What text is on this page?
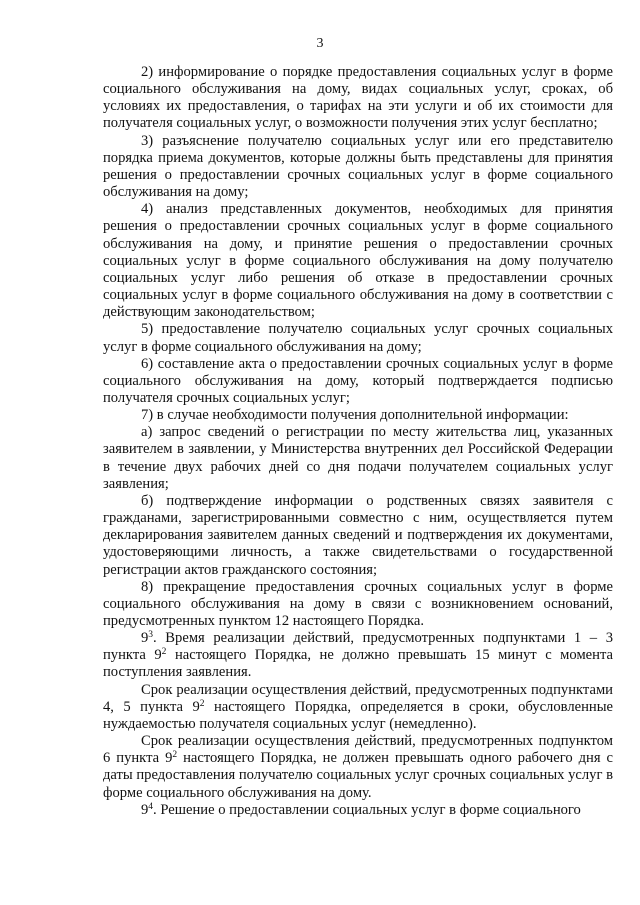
3

2) информирование о порядке предоставления социальных услуг в форме социального обслуживания на дому, видах социальных услуг, сроках, об условиях их предоставления, о тарифах на эти услуги и об их стоимости для получателя социальных услуг, о возможности получения этих услуг бесплатно;

3) разъяснение получателю социальных услуг или его представителю порядка приема документов, которые должны быть представлены для принятия решения о предоставлении срочных социальных услуг в форме социального обслуживания на дому;

4) анализ представленных документов, необходимых для принятия решения о предоставлении срочных социальных услуг в форме социального обслуживания на дому, и принятие решения о предоставлении срочных социальных услуг в форме социального обслуживания на дому получателю социальных услуг либо решения об отказе в предоставлении срочных социальных услуг в форме социального обслуживания на дому в соответствии с действующим законодательством;

5) предоставление получателю социальных услуг срочных социальных услуг в форме социального обслуживания на дому;

6) составление акта о предоставлении срочных социальных услуг в форме социального обслуживания на дому, который подтверждается подписью получателя срочных социальных услуг;

7) в случае необходимости получения дополнительной информации:

а) запрос сведений о регистрации по месту жительства лиц, указанных заявителем в заявлении, у Министерства внутренних дел Российской Федерации в течение двух рабочих дней со дня подачи получателем социальных услуг заявления;

б) подтверждение информации о родственных связях заявителя с гражданами, зарегистрированными совместно с ним, осуществляется путем декларирования заявителем данных сведений и подтверждения их документами, удостоверяющими личность, а также свидетельствами о государственной регистрации актов гражданского состояния;

8) прекращение предоставления срочных социальных услуг в форме социального обслуживания на дому в связи с возникновением оснований, предусмотренных пунктом 12 настоящего Порядка.

$9^3$. Время реализации действий, предусмотренных подпунктами 1 – 3 пункта $9^2$ настоящего Порядка, не должно превышать 15 минут с момента поступления заявления.

Срок реализации осуществления действий, предусмотренных подпунктами 4, 5 пункта $9^2$ настоящего Порядка, определяется в сроки, обусловленные нуждаемостью получателя социальных услуг (немедленно).

Срок реализации осуществления действий, предусмотренных подпунктом 6 пункта $9^2$ настоящего Порядка, не должен превышать одного рабочего дня с даты предоставления получателю социальных услуг срочных социальных услуг в форме социального обслуживания на дому.

$9^4$. Решение о предоставлении социальных услуг в форме социального
